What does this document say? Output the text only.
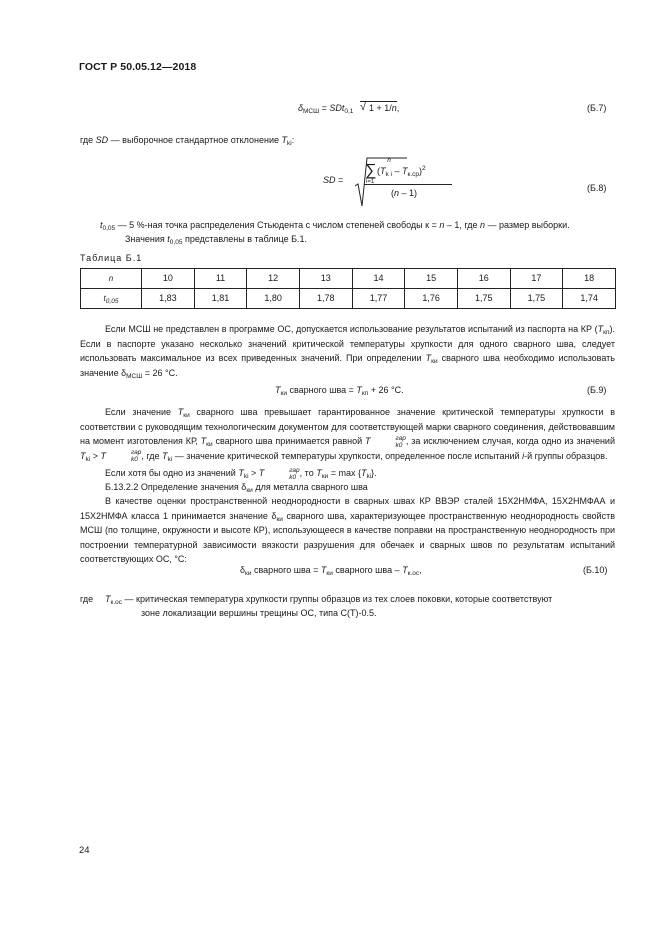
ГОСТ Р 50.05.12—2018
$\delta_{МСШ} = SDt_{0,1}$ √ 1 + 1/n,	(Б.7)
где SD — выборочное стандартное отклонение $T_{ki}$:
SD =
n
∑
i=1
$(T_{k i} - T_{к.ср})^2$
(n – 1)	(Б.8)
$t_{0,05}$ — 5 %-ная точка распределения Стьюдента с числом степеней свободы к = n – 1, где n — размер выборки.
Значения $t_{0,05}$ представлены в таблице Б.1.
Таблица Б.1
n	10	11	12	13	14	15	16	17	18
$t_{0,05}$	1,83	1,81	1,80	1,78	1,77	1,76	1,75	1,75	1,74
Если МСШ не представлен в программе ОС, допускается использование результатов испытаний из паспорта на КР $(T_{кп})$. Если в паспорте указано несколько значений критической температуры хрупкости для одного сварного шва, следует использовать максимальное из всех приведенных значений. При определении $T_{ки}$ сварного шва необходимо использовать значение $\delta_{МСШ} = 26$ °С.
$T_{ки}$ сварного шва = $T_{кп} + 26$ °С.	(Б.9)
Если значение $T_{ки}$ сварного шва превышает гарантированное значение критической температуры хрупкости в соответствии с руководящим технологическим документом для соответствующей марки сварного соединения, действовавшим на момент изготовления КР, $T_{ки}$ сварного шва принимается равной T	гар
k0 , за исключением случая, когда одно из значений $T_{ki} > T$	гар
k0 , где $T_{ki}$ — значение критической температуры хрупкости, определенное после испытаний i-й группы образцов.
Если хотя бы одно из значений $T_{ki} > T$	гар
k0 , то $T_{ки} = \max \{T_{ki}\}$.
Б.13.2.2 Определение значения $\delta_{ки}$ для металла сварного шва
В качестве оценки пространственной неоднородности в сварных швах КР ВВЭР сталей 15Х2НМФА, 15Х2НМФАА и 15Х2НМФА класса 1 принимается значение $\delta_{ки}$ сварного шва, характеризующее пространственную неоднородность свойств МСШ (по толщине, окружности и высоте КР), использующееся в качестве поправки на пространственную неоднородность при построении температурной зависимости вязкости разрушения для обечаек и сварных швов по результатам испытаний соответствующих ОС, °С:
$\delta_{ки}$ сварного шва = $T_{ки}$ сварного шва – $T_{к.ос}$,	(Б.10)
где $T_{к.ос}$ — критическая температура хрупкости группы образцов из тех слоев поковки, которые соответствуют
зоне локализации вершины трещины ОС, типа С(Т)-0.5.
24
